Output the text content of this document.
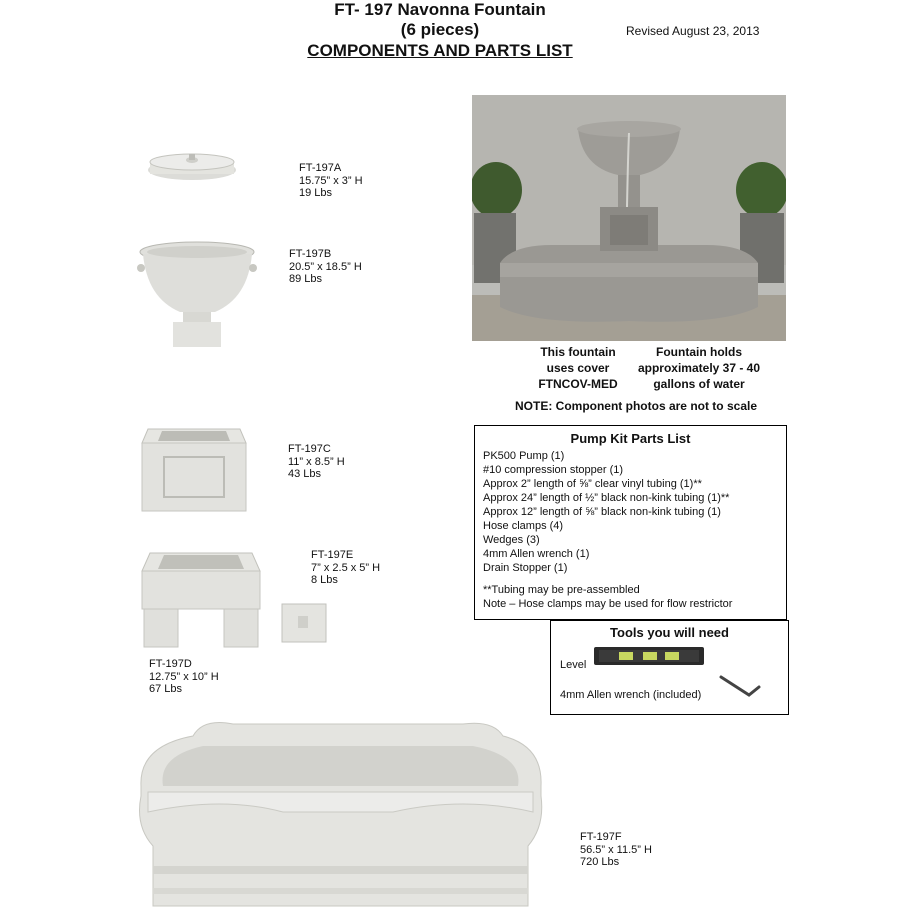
FT- 197 Navonna Fountain
(6 pieces)
COMPONENTS AND PARTS LIST
Revised August 23, 2013
FT-197A
15.75” x 3” H
19 Lbs
FT-197B
20.5” x 18.5” H
89 Lbs
FT-197C
11” x 8.5” H
43 Lbs
FT-197D
12.75” x 10” H
67 Lbs
FT-197E
7” x 2.5 x 5” H
8 Lbs
FT-197F
56.5” x 11.5” H
720 Lbs
This fountain
uses cover
FTNCOV-MED
Fountain holds
approximately 37 - 40
gallons of water
NOTE: Component photos are not to scale
Pump Kit Parts List
PK500 Pump (1)
#10 compression stopper (1)
Approx 2” length of ⅝” clear vinyl tubing (1)**
Approx 24” length of ½” black non-kink tubing (1)**
Approx 12” length of ⅝” black non-kink tubing (1)
Hose clamps (4)
Wedges (3)
4mm Allen wrench (1)
Drain Stopper (1)
**Tubing may be pre-assembled
Note – Hose clamps may be used for flow restrictor
Tools you will need
Level
4mm Allen wrench (included)
